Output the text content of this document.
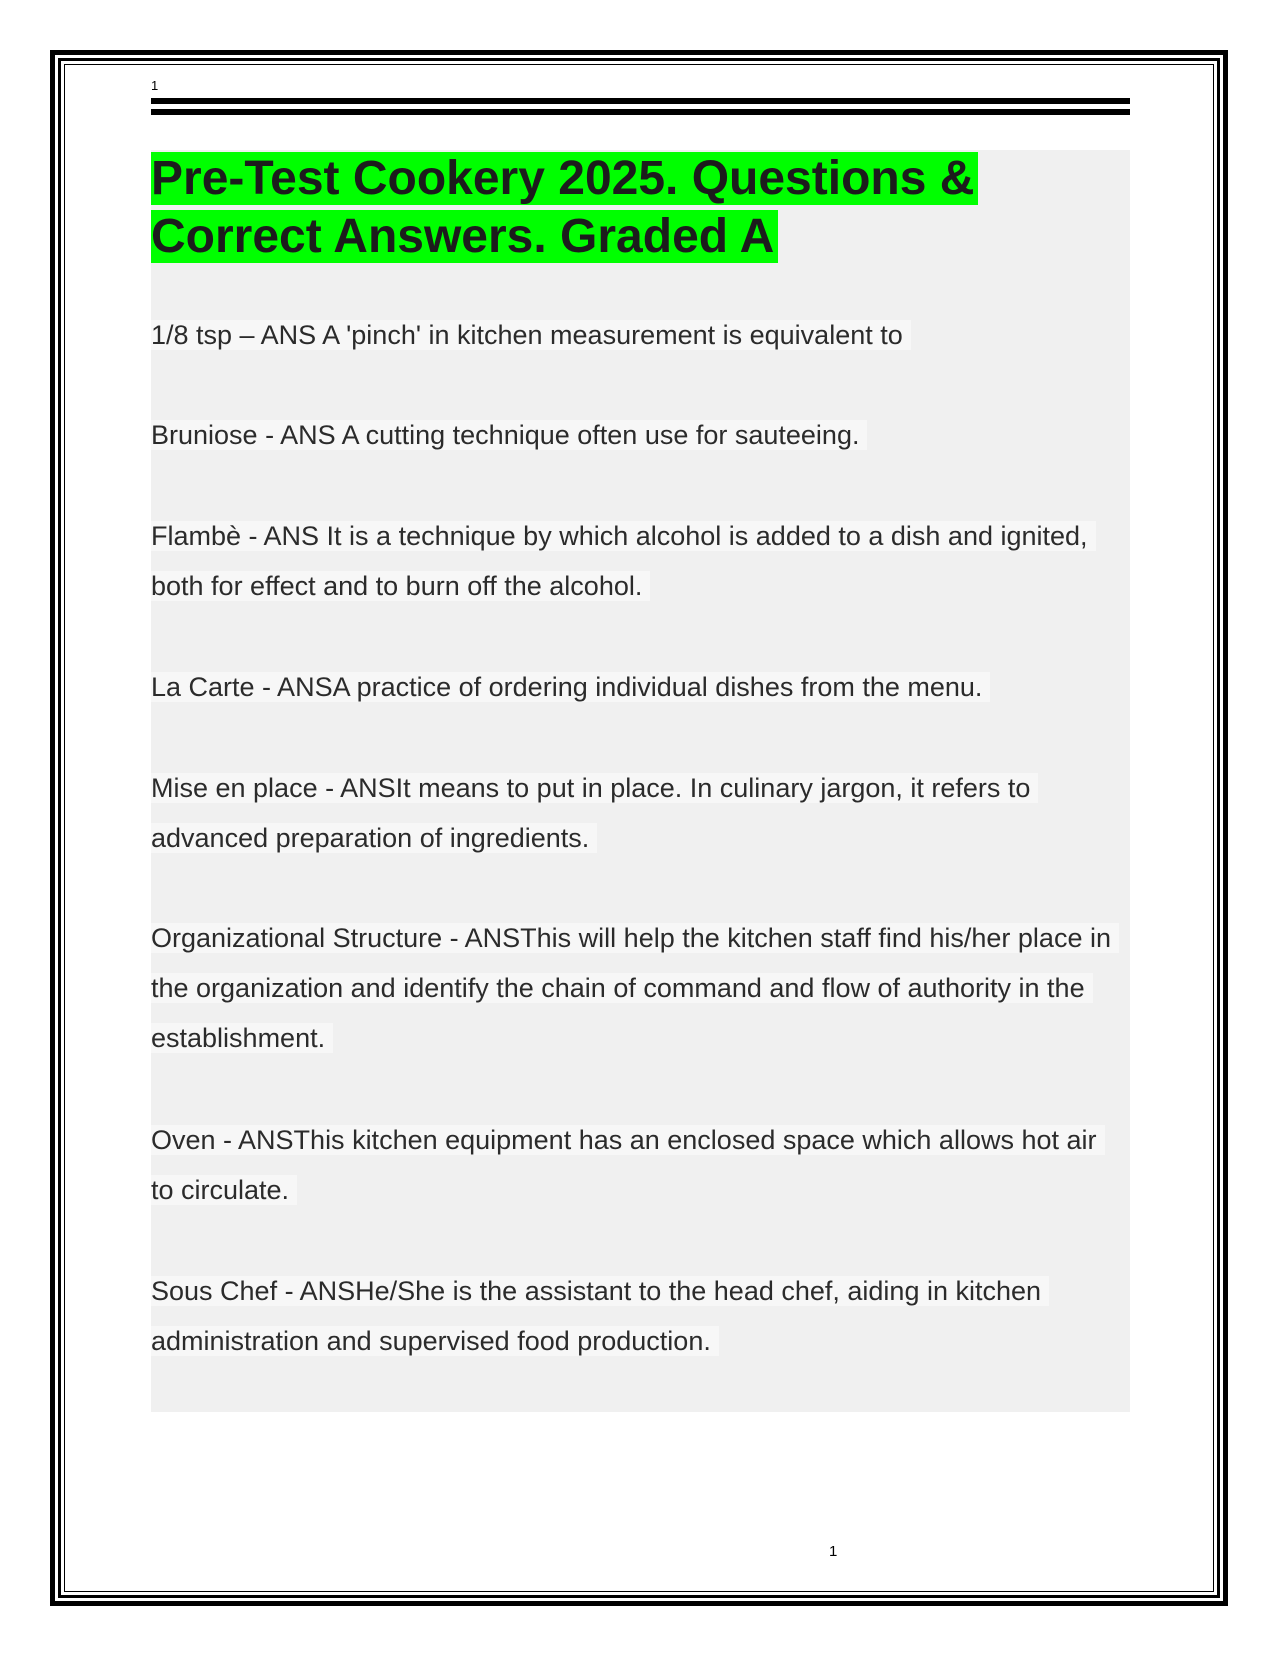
1
Pre-Test Cookery 2025. Questions & Correct Answers. Graded A

1/8 tsp – ANS A 'pinch' in kitchen measurement is equivalent to

Bruniose - ANS A cutting technique often use for sauteeing.

Flambè - ANS It is a technique by which alcohol is added to a dish and ignited, both for effect and to burn off the alcohol.

La Carte - ANSA practice of ordering individual dishes from the menu.

Mise en place - ANSIt means to put in place. In culinary jargon, it refers to advanced preparation of ingredients.

Organizational Structure - ANSThis will help the kitchen staff find his/her place in the organization and identify the chain of command and flow of authority in the establishment.

Oven - ANSThis kitchen equipment has an enclosed space which allows hot air to circulate.

Sous Chef - ANSHe/She is the assistant to the head chef, aiding in kitchen administration and supervised food production.

1
